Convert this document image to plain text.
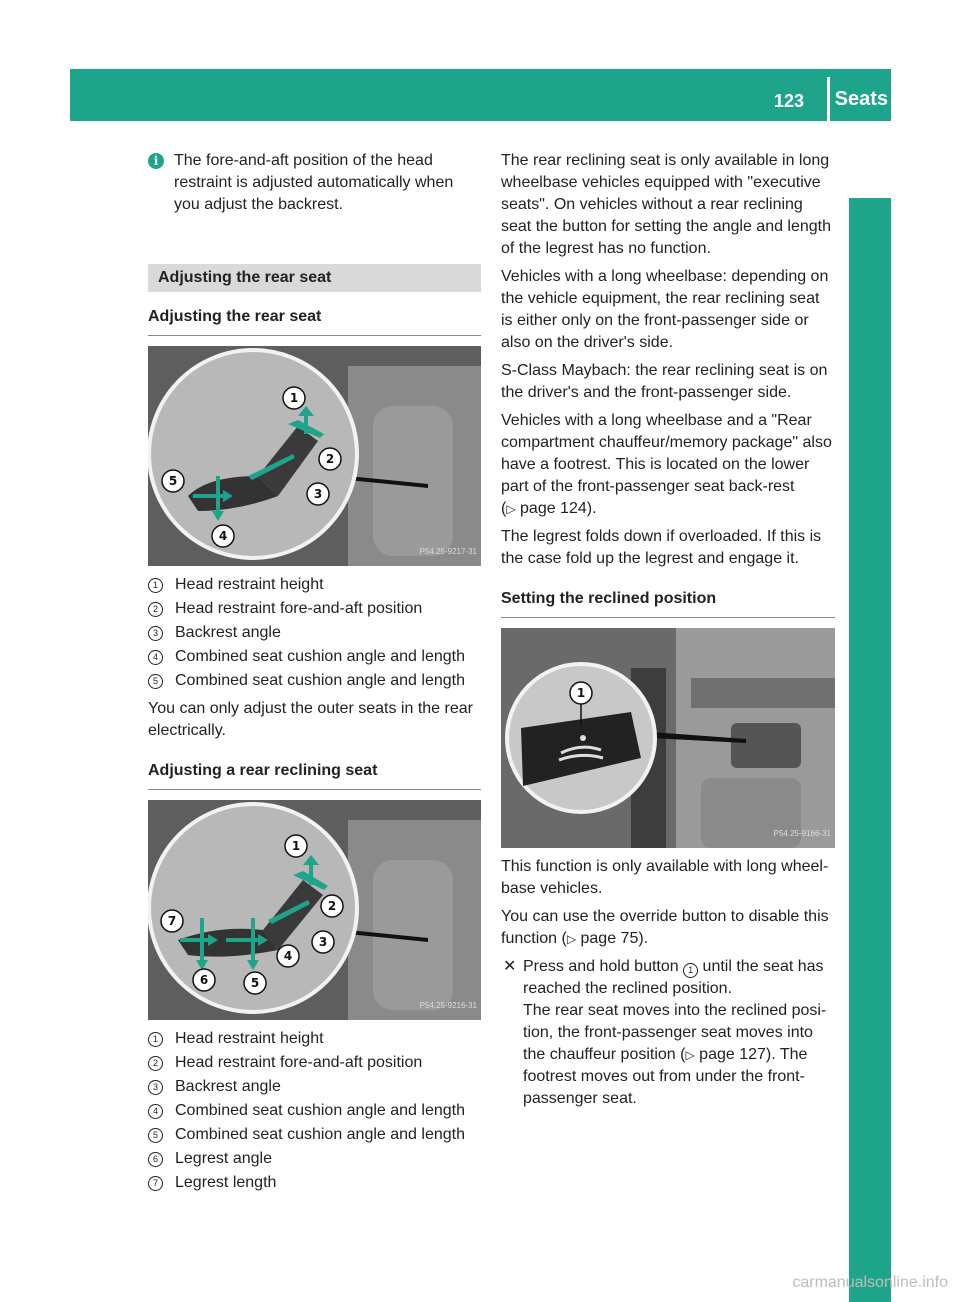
Seats
123
Seats, steering wheel and mirrors

i The fore-and-aft position of the head restraint is adjusted automatically when you adjust the backrest.

Adjusting the rear seat
Adjusting the rear seat
1
2
3
4
5
P54.25-9217-31
1	Head restraint height
2	Head restraint fore-and-aft position
3	Backrest angle
4	Combined seat cushion angle and length
5	Combined seat cushion angle and length

You can only adjust the outer seats in the rear electrically.

Adjusting a rear reclining seat
1
2
3
4
5
6
7
P54.25-9216-31
1	Head restraint height
2	Head restraint fore-and-aft position
3	Backrest angle
4	Combined seat cushion angle and length
5	Combined seat cushion angle and length
6	Legrest angle
7	Legrest length

The rear reclining seat is only available in long wheelbase vehicles equipped with "executive seats". On vehicles without a rear reclining seat the button for setting the angle and length of the legrest has no function.

Vehicles with a long wheelbase: depending on the vehicle equipment, the rear reclining seat is either only on the front-passenger side or also on the driver's side.

S-Class Maybach: the rear reclining seat is on the driver's and the front-passenger side.

Vehicles with a long wheelbase and a "Rear compartment chauffeur/memory package" also have a footrest. This is located on the lower part of the front-passenger seat back-rest (▷ page 124).

The legrest folds down if overloaded. If this is the case fold up the legrest and engage it.

Setting the reclined position
1
P54.25-9166-31

This function is only available with long wheel-base vehicles.

You can use the override button to disable this function (▷ page 75).

✕ Press and hold button 1 until the seat has reached the reclined position.
The rear seat moves into the reclined posi-tion, the front-passenger seat moves into the chauffeur position (▷ page 127). The footrest moves out from under the front-passenger seat.
carmanualsonline.info
